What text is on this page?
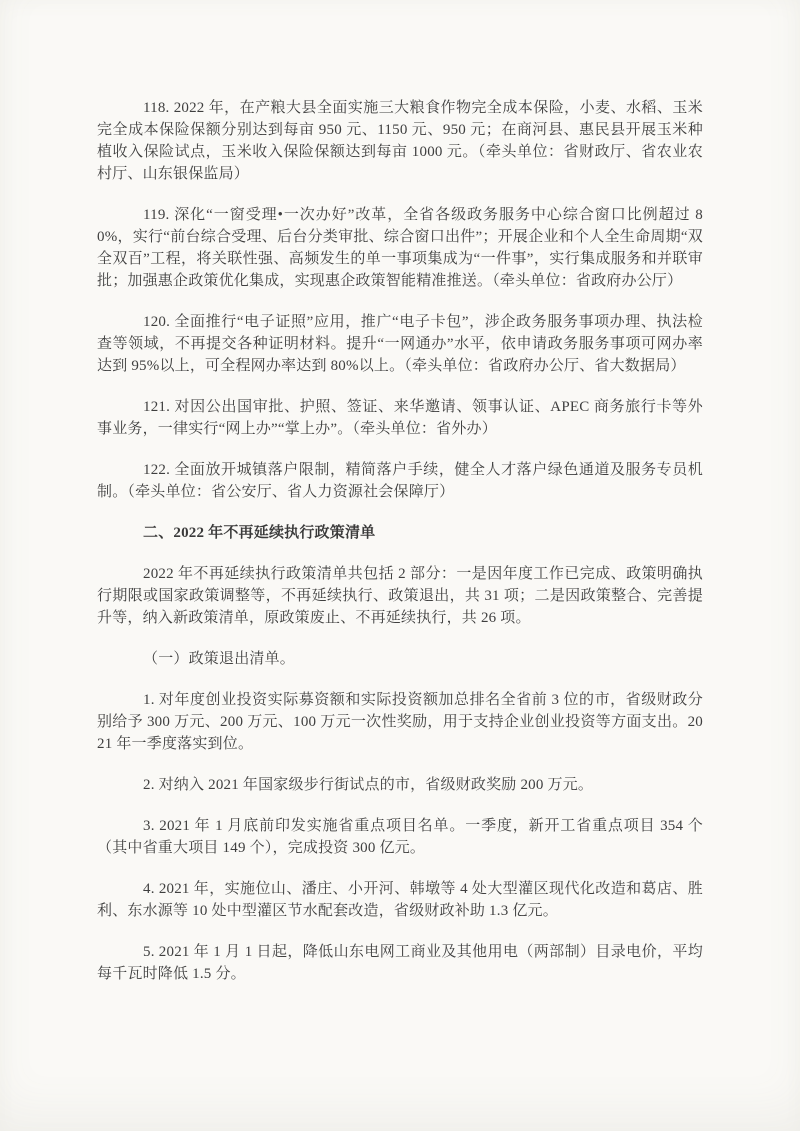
118. 2022 年，在产粮大县全面实施三大粮食作物完全成本保险，小麦、水稻、玉米完全成本保险保额分别达到每亩 950 元、1150 元、950 元；在商河县、惠民县开展玉米种植收入保险试点，玉米收入保险保额达到每亩 1000 元。（牵头单位：省财政厅、省农业农村厅、山东银保监局）

119. 深化“一窗受理•一次办好”改革，全省各级政务服务中心综合窗口比例超过 80%，实行“前台综合受理、后台分类审批、综合窗口出件”；开展企业和个人全生命周期“双全双百”工程，将关联性强、高频发生的单一事项集成为“一件事”，实行集成服务和并联审批；加强惠企政策优化集成，实现惠企政策智能精准推送。（牵头单位：省政府办公厅）

120. 全面推行“电子证照”应用，推广“电子卡包”，涉企政务服务事项办理、执法检查等领域，不再提交各种证明材料。提升“一网通办”水平，依申请政务服务事项可网办率达到 95%以上，可全程网办率达到 80%以上。（牵头单位：省政府办公厅、省大数据局）

121. 对因公出国审批、护照、签证、来华邀请、领事认证、APEC 商务旅行卡等外事业务，一律实行“网上办”“掌上办”。（牵头单位：省外办）

122. 全面放开城镇落户限制，精简落户手续，健全人才落户绿色通道及服务专员机制。（牵头单位：省公安厅、省人力资源社会保障厅）

二、2022 年不再延续执行政策清单

2022 年不再延续执行政策清单共包括 2 部分：一是因年度工作已完成、政策明确执行期限或国家政策调整等，不再延续执行、政策退出，共 31 项；二是因政策整合、完善提升等，纳入新政策清单，原政策废止、不再延续执行，共 26 项。

（一）政策退出清单。

1. 对年度创业投资实际募资额和实际投资额加总排名全省前 3 位的市，省级财政分别给予 300 万元、200 万元、100 万元一次性奖励，用于支持企业创业投资等方面支出。2021 年一季度落实到位。

2. 对纳入 2021 年国家级步行街试点的市，省级财政奖励 200 万元。

3. 2021 年 1 月底前印发实施省重点项目名单。一季度，新开工省重点项目 354 个（其中省重大项目 149 个），完成投资 300 亿元。

4. 2021 年，实施位山、潘庄、小开河、韩墩等 4 处大型灌区现代化改造和葛店、胜利、东水源等 10 处中型灌区节水配套改造，省级财政补助 1.3 亿元。

5. 2021 年 1 月 1 日起，降低山东电网工商业及其他用电（两部制）目录电价，平均每千瓦时降低 1.5 分。
